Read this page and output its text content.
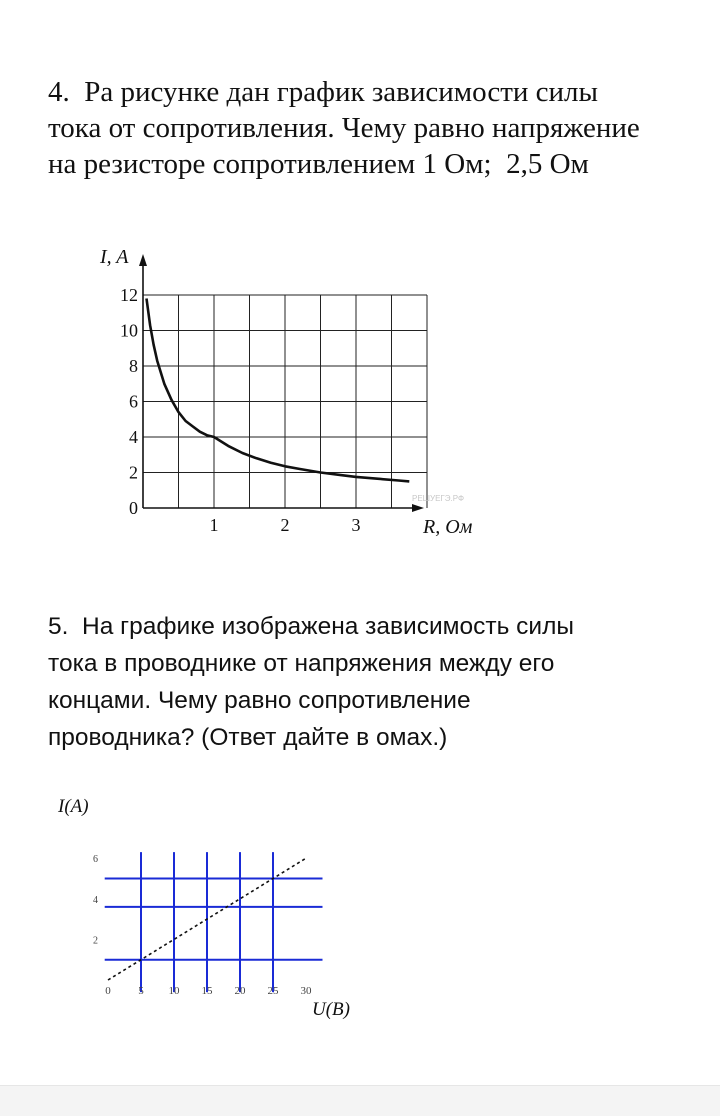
4.  Ра рисунке дан график зависимости силы
тока от сопротивления. Чему равно напряжение
на резисторе сопротивлением 1 Ом;  2,5 Ом

0
2
4
6
8
10
12
1	2	3
I, A
R, Ом
РЕШУЕГЭ.РФ

5.  На графике изображена зависимость силы
тока в проводнике от напряжения между его
концами. Чему равно сопротивление
проводника? (Ответ дайте в омах.)

0	5 10 15 20 25 30
2
4
6
I(A)
U(B)
